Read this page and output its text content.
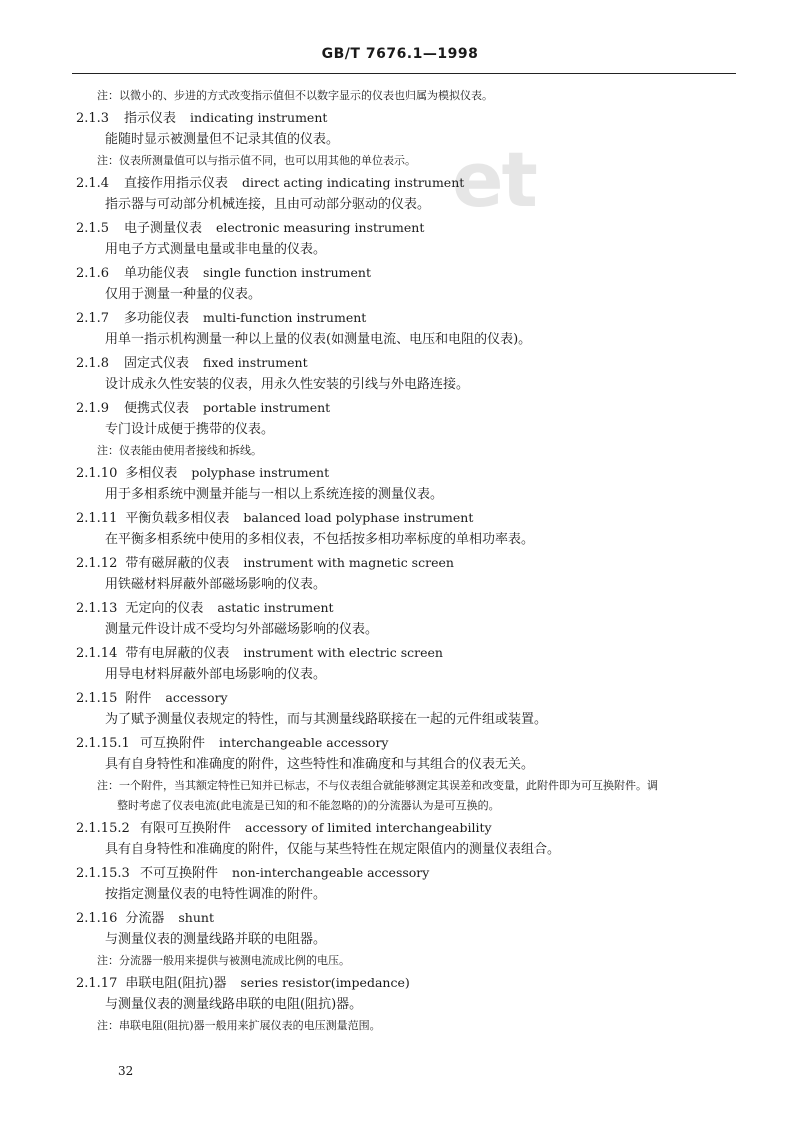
GB/T 7676.1—1998
et
注：以微小的、步进的方式改变指示值但不以数字显示的仪表也归属为模拟仪表。
2.1.3 指示仪表 indicating instrument
能随时显示被测量但不记录其值的仪表。
注：仪表所测量值可以与指示值不同，也可以用其他的单位表示。
2.1.4 直接作用指示仪表 direct acting indicating instrument
指示器与可动部分机械连接，且由可动部分驱动的仪表。
2.1.5 电子测量仪表 electronic measuring instrument
用电子方式测量电量或非电量的仪表。
2.1.6 单功能仪表 single function instrument
仅用于测量一种量的仪表。
2.1.7 多功能仪表 multi-function instrument
用单一指示机构测量一种以上量的仪表(如测量电流、电压和电阻的仪表)。
2.1.8 固定式仪表 fixed instrument
设计成永久性安装的仪表，用永久性安装的引线与外电路连接。
2.1.9 便携式仪表 portable instrument
专门设计成便于携带的仪表。
注：仪表能由使用者接线和拆线。
2.1.10 多相仪表 polyphase instrument
用于多相系统中测量并能与一相以上系统连接的测量仪表。
2.1.11 平衡负载多相仪表 balanced load polyphase instrument
在平衡多相系统中使用的多相仪表，不包括按多相功率标度的单相功率表。
2.1.12 带有磁屏蔽的仪表 instrument with magnetic screen
用铁磁材料屏蔽外部磁场影响的仪表。
2.1.13 无定向的仪表 astatic instrument
测量元件设计成不受均匀外部磁场影响的仪表。
2.1.14 带有电屏蔽的仪表 instrument with electric screen
用导电材料屏蔽外部电场影响的仪表。
2.1.15 附件 accessory
为了赋予测量仪表规定的特性，而与其测量线路联接在一起的元件组或装置。
2.1.15.1 可互换附件 interchangeable accessory
具有自身特性和准确度的附件，这些特性和准确度和与其组合的仪表无关。
注：一个附件，当其额定特性已知并已标志，不与仪表组合就能够测定其误差和改变量，此附件即为可互换附件。调
整时考虑了仪表电流(此电流是已知的和不能忽略的)的分流器认为是可互换的。
2.1.15.2 有限可互换附件 accessory of limited interchangeability
具有自身特性和准确度的附件，仅能与某些特性在规定限值内的测量仪表组合。
2.1.15.3 不可互换附件 non-interchangeable accessory
按指定测量仪表的电特性调准的附件。
2.1.16 分流器 shunt
与测量仪表的测量线路并联的电阻器。
注：分流器一般用来提供与被测电流成比例的电压。
2.1.17 串联电阻(阻抗)器 series resistor(impedance)
与测量仪表的测量线路串联的电阻(阻抗)器。
注：串联电阻(阻抗)器一般用来扩展仪表的电压测量范围。
32
